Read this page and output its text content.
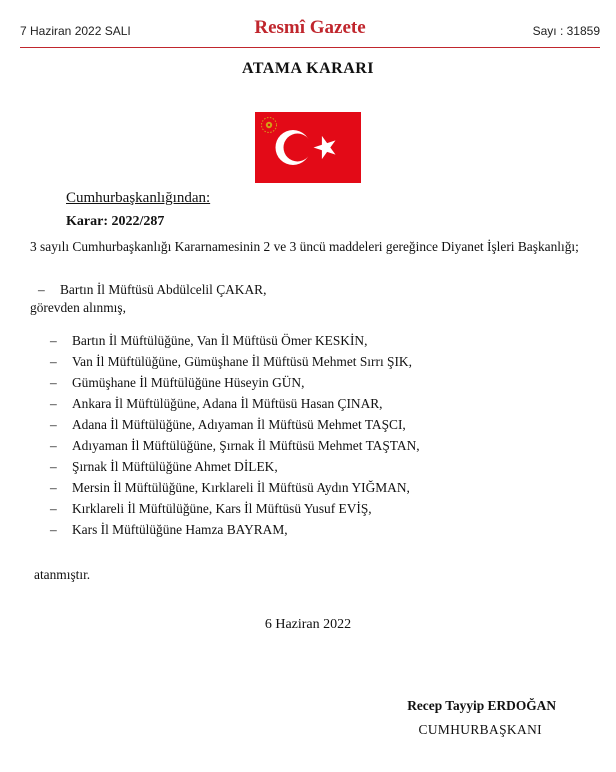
7 Haziran 2022 SALI	Resmî Gazete	Sayı : 31859
ATAMA KARARI
Cumhurbaşkanlığından:
Karar: 2022/287
3 sayılı Cumhurbaşkanlığı Kararnamesinin 2 ve 3 üncü maddeleri gereğince Diyanet İşleri Başkanlığı;
– Bartın İl Müftüsü Abdülcelil ÇAKAR,
görevden alınmış,
– Bartın İl Müftülüğüne, Van İl Müftüsü Ömer KESKİN,
– Van İl Müftülüğüne, Gümüşhane İl Müftüsü Mehmet Sırrı ŞIK,
– Gümüşhane İl Müftülüğüne Hüseyin GÜN,
– Ankara İl Müftülüğüne, Adana İl Müftüsü Hasan ÇINAR,
– Adana İl Müftülüğüne, Adıyaman İl Müftüsü Mehmet TAŞCI,
– Adıyaman İl Müftülüğüne, Şırnak İl Müftüsü Mehmet TAŞTAN,
– Şırnak İl Müftülüğüne Ahmet DİLEK,
– Mersin İl Müftülüğüne, Kırklareli İl Müftüsü Aydın YIĞMAN,
– Kırklareli İl Müftülüğüne, Kars İl Müftüsü Yusuf EVİŞ,
– Kars İl Müftülüğüne Hamza BAYRAM,
atanmıştır.
6 Haziran 2022
Recep Tayyip ERDOĞAN
CUMHURBAŞKANI
